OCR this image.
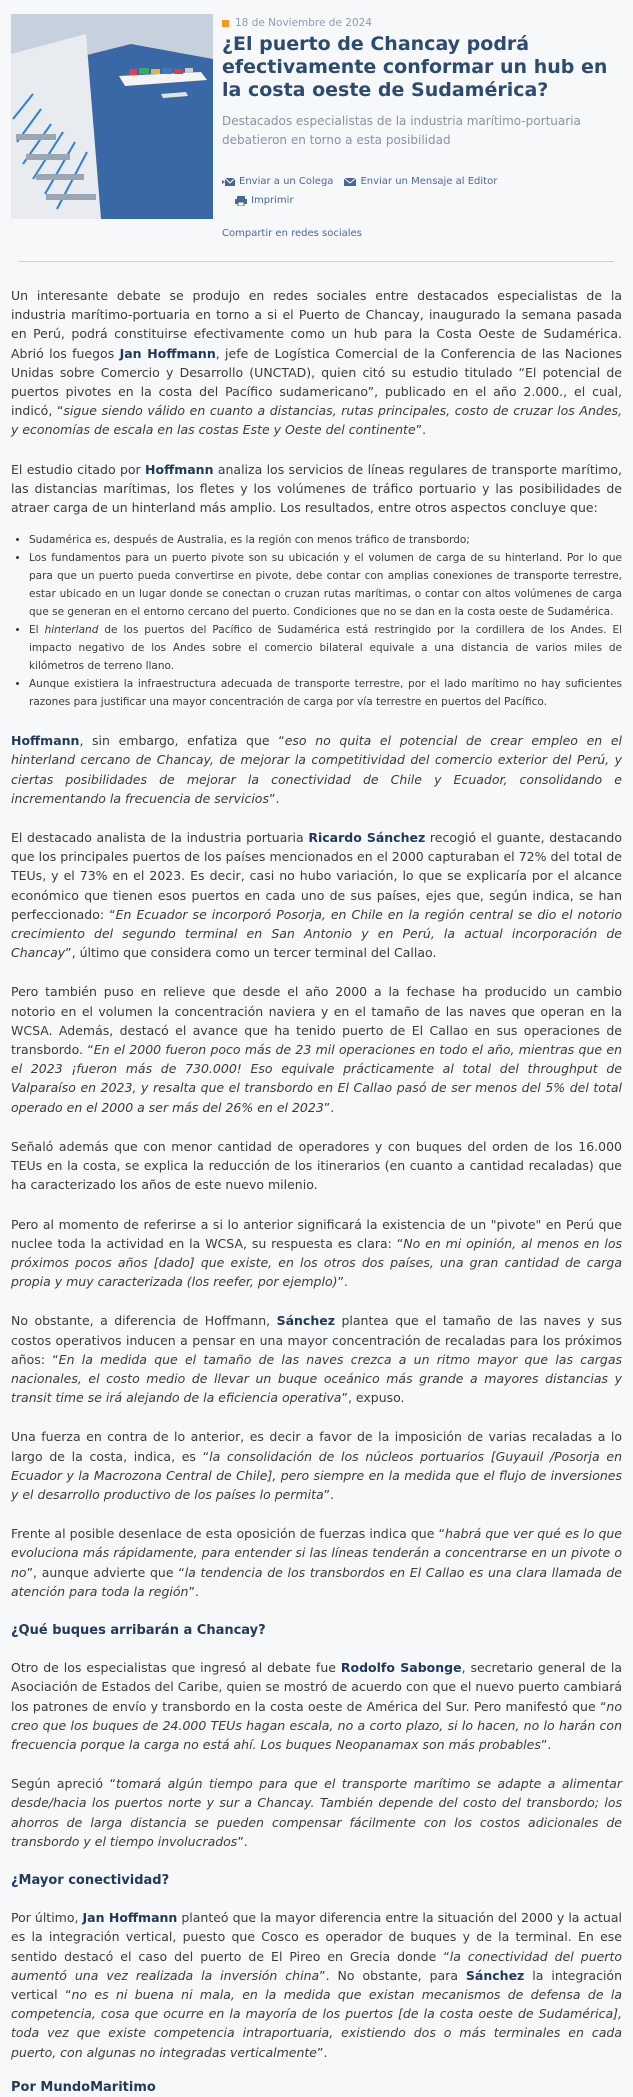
18 de Noviembre de 2024
¿El puerto de Chancay podrá efectivamente conformar un hub en la costa oeste de Sudamérica?
Destacados especialistas de la industria marítimo-portuaria debatieron en torno a esta posibilidad
Enviar a un Colega	Enviar un Mensaje al Editor
Imprimir
Compartir en redes sociales

Un interesante debate se produjo en redes sociales entre destacados especialistas de la industria marítimo-portuaria en torno a si el Puerto de Chancay, inaugurado la semana pasada en Perú, podrá constituirse efectivamente como un hub para la Costa Oeste de Sudamérica. Abrió los fuegos Jan Hoffmann, jefe de Logística Comercial de la Conferencia de las Naciones Unidas sobre Comercio y Desarrollo (UNCTAD), quien citó su estudio titulado “El potencial de puertos pivotes en la costa del Pacífico sudamericano”, publicado en el año 2.000., el cual, indicó, “sigue siendo válido en cuanto a distancias, rutas principales, costo de cruzar los Andes, y economías de escala en las costas Este y Oeste del continente”.

El estudio citado por Hoffmann analiza los servicios de líneas regulares de transporte marítimo, las distancias marítimas, los fletes y los volúmenes de tráfico portuario y las posibilidades de atraer carga de un hinterland más amplio. Los resultados, entre otros aspectos concluye que:

• Sudamérica es, después de Australia, es la región con menos tráfico de transbordo;
• Los fundamentos para un puerto pivote son su ubicación y el volumen de carga de su hinterland. Por lo que para que un puerto pueda convertirse en pivote, debe contar con amplias conexiones de transporte terrestre, estar ubicado en un lugar donde se conectan o cruzan rutas marítimas, o contar con altos volúmenes de carga que se generan en el entorno cercano del puerto. Condiciones que no se dan en la costa oeste de Sudamérica.
• El hinterland de los puertos del Pacífico de Sudamérica está restringido por la cordillera de los Andes. El impacto negativo de los Andes sobre el comercio bilateral equivale a una distancia de varios miles de kilómetros de terreno llano.
• Aunque existiera la infraestructura adecuada de transporte terrestre, por el lado marítimo no hay suficientes razones para justificar una mayor concentración de carga por vía terrestre en puertos del Pacífico.

Hoffmann, sin embargo, enfatiza que “eso no quita el potencial de crear empleo en el hinterland cercano de Chancay, de mejorar la competitividad del comercio exterior del Perú, y ciertas posibilidades de mejorar la conectividad de Chile y Ecuador, consolidando e incrementando la frecuencia de servicios”.

El destacado analista de la industria portuaria Ricardo Sánchez recogió el guante, destacando que los principales puertos de los países mencionados en el 2000 capturaban el 72% del total de TEUs, y el 73% en el 2023. Es decir, casi no hubo variación, lo que se explicaría por el alcance económico que tienen esos puertos en cada uno de sus países, ejes que, según indica, se han perfeccionado: “En Ecuador se incorporó Posorja, en Chile en la región central se dio el notorio crecimiento del segundo terminal en San Antonio y en Perú, la actual incorporación de Chancay”, último que considera como un tercer terminal del Callao.

Pero también puso en relieve que desde el año 2000 a la fechase ha producido un cambio notorio en el volumen la concentración naviera y en el tamaño de las naves que operan en la WCSA. Además, destacó el avance que ha tenido puerto de El Callao en sus operaciones de transbordo. “En el 2000 fueron poco más de 23 mil operaciones en todo el año, mientras que en el 2023 ¡fueron más de 730.000! Eso equivale prácticamente al total del throughput de Valparaíso en 2023, y resalta que el transbordo en El Callao pasó de ser menos del 5% del total operado en el 2000 a ser más del 26% en el 2023”.

Señaló además que con menor cantidad de operadores y con buques del orden de los 16.000 TEUs en la costa, se explica la reducción de los itinerarios (en cuanto a cantidad recaladas) que ha caracterizado los años de este nuevo milenio.

Pero al momento de referirse a si lo anterior significará la existencia de un "pivote" en Perú que nuclee toda la actividad en la WCSA, su respuesta es clara: “No en mi opinión, al menos en los próximos pocos años [dado] que existe, en los otros dos países, una gran cantidad de carga propia y muy caracterizada (los reefer, por ejemplo)”.

No obstante, a diferencia de Hoffmann, Sánchez plantea que el tamaño de las naves y sus costos operativos inducen a pensar en una mayor concentración de recaladas para los próximos años: “En la medida que el tamaño de las naves crezca a un ritmo mayor que las cargas nacionales, el costo medio de llevar un buque oceánico más grande a mayores distancias y transit time se irá alejando de la eficiencia operativa”, expuso.

Una fuerza en contra de lo anterior, es decir a favor de la imposición de varias recaladas a lo largo de la costa, indica, es “la consolidación de los núcleos portuarios [Guyauil /Posorja en Ecuador y la Macrozona Central de Chile], pero siempre en la medida que el flujo de inversiones y el desarrollo productivo de los países lo permita”.

Frente al posible desenlace de esta oposición de fuerzas indica que “habrá que ver qué es lo que evoluciona más rápidamente, para entender si las líneas tenderán a concentrarse en un pivote o no”, aunque advierte que “la tendencia de los transbordos en El Callao es una clara llamada de atención para toda la región”.

¿Qué buques arribarán a Chancay?

Otro de los especialistas que ingresó al debate fue Rodolfo Sabonge, secretario general de la Asociación de Estados del Caribe, quien se mostró de acuerdo con que el nuevo puerto cambiará los patrones de envío y transbordo en la costa oeste de América del Sur. Pero manifestó que “no creo que los buques de 24.000 TEUs hagan escala, no a corto plazo, si lo hacen, no lo harán con frecuencia porque la carga no está ahí. Los buques Neopanamax son más probables”.

Según apreció “tomará algún tiempo para que el transporte marítimo se adapte a alimentar desde/hacia los puertos norte y sur a Chancay. También depende del costo del transbordo; los ahorros de larga distancia se pueden compensar fácilmente con los costos adicionales de transbordo y el tiempo involucrados”.

¿Mayor conectividad?

Por último, Jan Hoffmann planteó que la mayor diferencia entre la situación del 2000 y la actual es la integración vertical, puesto que Cosco es operador de buques y de la terminal. En ese sentido destacó el caso del puerto de El Pireo en Grecia donde “la conectividad del puerto aumentó una vez realizada la inversión china”. No obstante, para Sánchez la integración vertical “no es ni buena ni mala, en la medida que existan mecanismos de defensa de la competencia, cosa que ocurre en la mayoría de los puertos [de la costa oeste de Sudamérica], toda vez que existe competencia intraportuaria, existiendo dos o más terminales en cada puerto, con algunas no integradas verticalmente”.

Por MundoMaritimo
